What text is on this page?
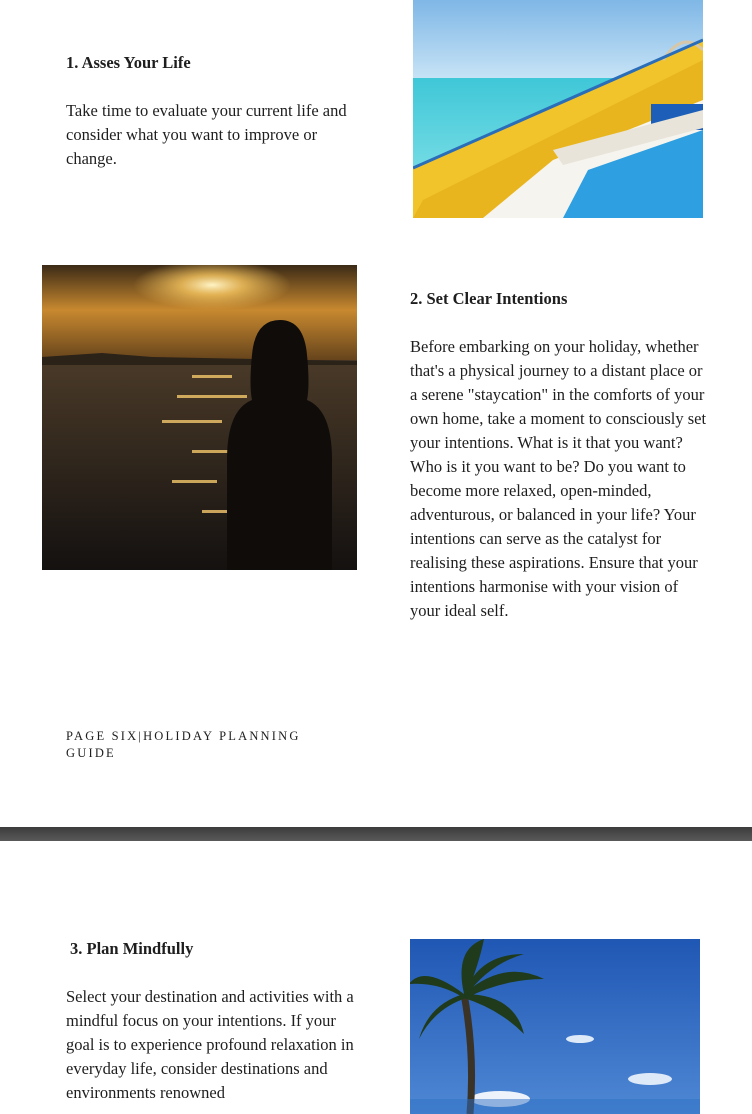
1. Asses Your Life

Take time to evaluate your current life and consider what you want to improve or change.

2. Set Clear Intentions

Before embarking on your holiday, whether that's a physical journey to a distant place or a serene "staycation" in the comforts of your own home, take a moment to consciously set your intentions. What is it that you want? Who is it you want to be? Do you want to become more relaxed, open-minded, adventurous, or balanced in your life? Your intentions can serve as the catalyst for realising these aspirations. Ensure that your intentions harmonise with your vision of your ideal self.

PAGE SIX|HOLIDAY PLANNING GUIDE
3. Plan Mindfully

Select your destination and activities with a mindful focus on your intentions. If your goal is to experience profound relaxation in everyday life, consider destinations and environments renowned
